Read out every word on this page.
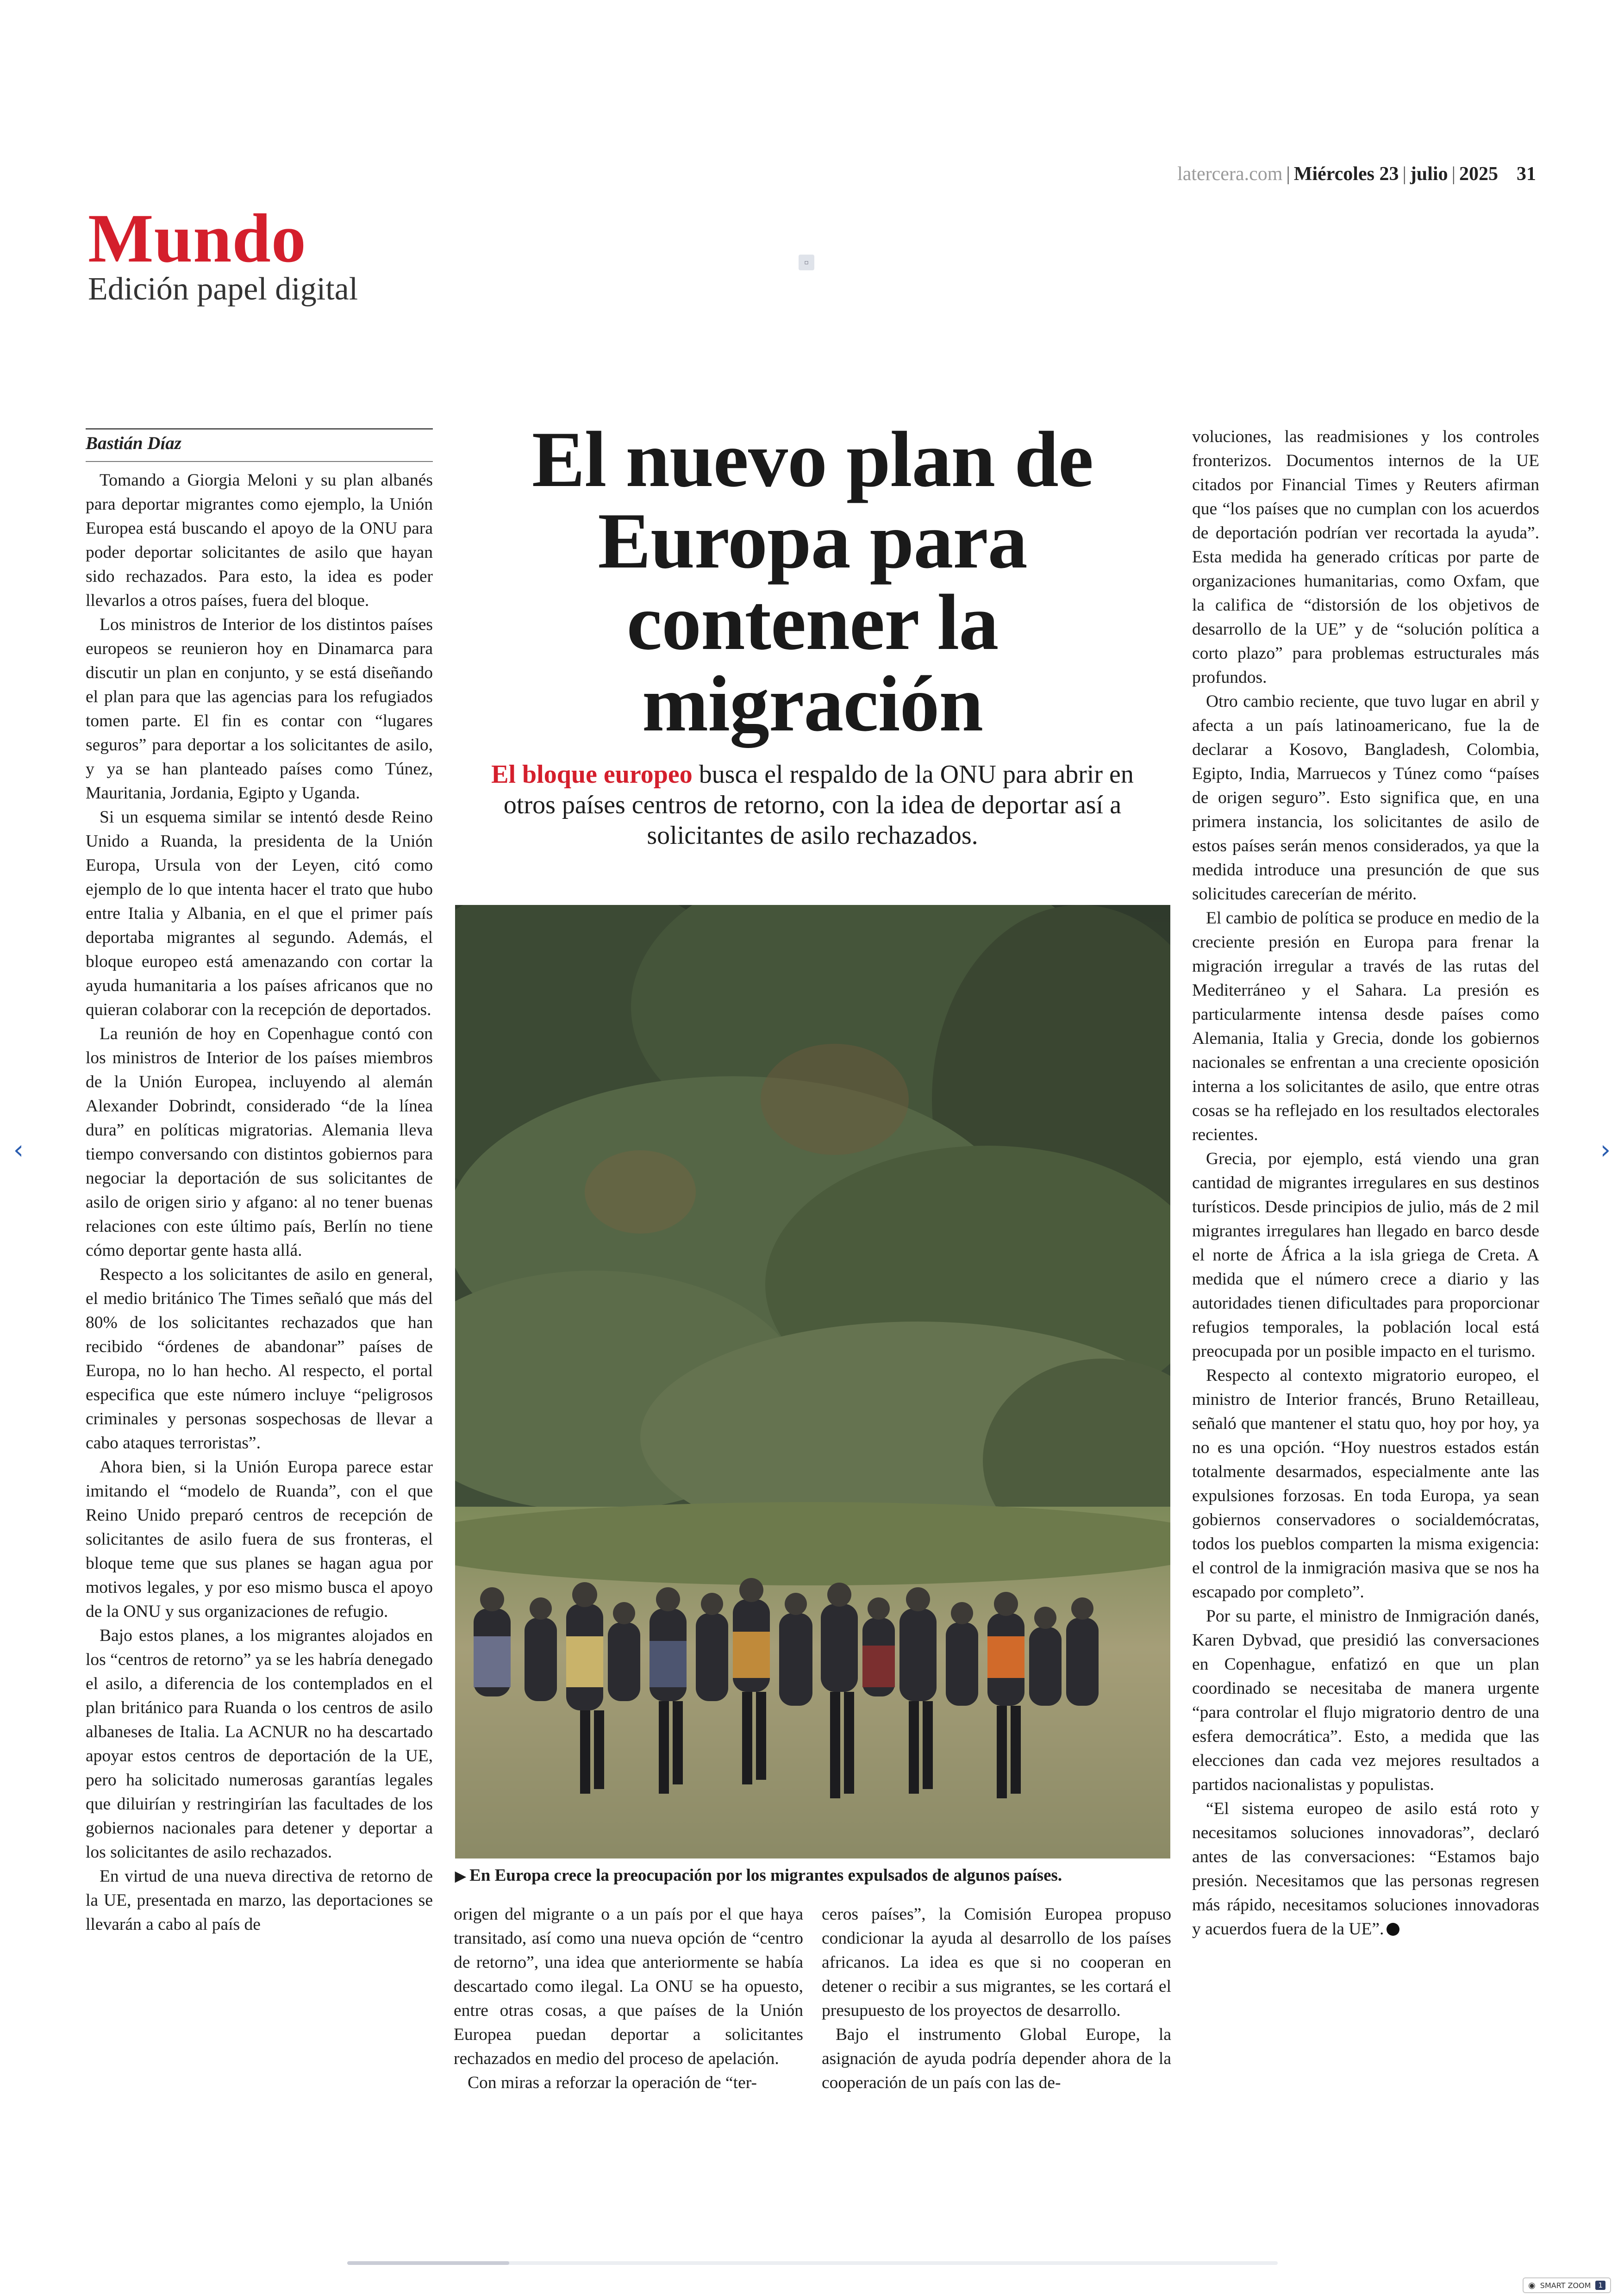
latercera.com | Miércoles 23 | julio | 2025 31
Mundo
Edición papel digital
▫
Bastián Díaz

Tomando a Giorgia Meloni y su plan albanés para deportar migrantes como ejemplo, la Unión Europea está buscando el apoyo de la ONU para poder deportar solicitantes de asilo que hayan sido rechazados. Para esto, la idea es poder llevarlos a otros países, fuera del bloque.

Los ministros de Interior de los distintos países europeos se reunieron hoy en Dinamarca para discutir un plan en conjunto, y se está diseñando el plan para que las agencias para los refugiados tomen parte. El fin es contar con “lugares seguros” para deportar a los solicitantes de asilo, y ya se han planteado países como Túnez, Mauritania, Jordania, Egipto y Uganda.

Si un esquema similar se intentó desde Reino Unido a Ruanda, la presidenta de la Unión Europa, Ursula von der Leyen, citó como ejemplo de lo que intenta hacer el trato que hubo entre Italia y Albania, en el que el primer país deportaba migrantes al segundo. Además, el bloque europeo está amenazando con cortar la ayuda humanitaria a los países africanos que no quieran colaborar con la recepción de deportados.

La reunión de hoy en Copenhague contó con los ministros de Interior de los países miembros de la Unión Europea, incluyendo al alemán Alexander Dobrindt, considerado “de la línea dura” en políticas migratorias. Alemania lleva tiempo conversando con distintos gobiernos para negociar la deportación de sus solicitantes de asilo de origen sirio y afgano: al no tener buenas relaciones con este último país, Berlín no tiene cómo deportar gente hasta allá.

Respecto a los solicitantes de asilo en general, el medio británico The Times señaló que más del 80% de los solicitantes rechazados que han recibido “órdenes de abandonar” países de Europa, no lo han hecho. Al respecto, el portal especifica que este número incluye “peligrosos criminales y personas sospechosas de llevar a cabo ataques terroristas”.

Ahora bien, si la Unión Europa parece estar imitando el “modelo de Ruanda”, con el que Reino Unido preparó centros de recepción de solicitantes de asilo fuera de sus fronteras, el bloque teme que sus planes se hagan agua por motivos legales, y por eso mismo busca el apoyo de la ONU y sus organizaciones de refugio.

Bajo estos planes, a los migrantes alojados en los “centros de retorno” ya se les habría denegado el asilo, a diferencia de los contemplados en el plan británico para Ruanda o los centros de asilo albaneses de Italia. La ACNUR no ha descartado apoyar estos centros de deportación de la UE, pero ha solicitado numerosas garantías legales que diluirían y restringirían las facultades de los gobiernos nacionales para detener y deportar a los solicitantes de asilo rechazados.

En virtud de una nueva directiva de retorno de la UE, presentada en marzo, las deportaciones se llevarán a cabo al país de

El nuevo plan de Europa para contener la migración
El bloque europeo busca el respaldo de la ONU para abrir en otros países centros de retorno, con la idea de deportar así a solicitantes de asilo rechazados.
▶ En Europa crece la preocupación por los migrantes expulsados de algunos países.

origen del migrante o a un país por el que haya transitado, así como una nueva opción de “centro de retorno”, una idea que anteriormente se había descartado como ilegal. La ONU se ha opuesto, entre otras cosas, a que países de la Unión Europea puedan deportar a solicitantes rechazados en medio del proceso de apelación.

Con miras a reforzar la operación de “ter-

ceros países”, la Comisión Europea propuso condicionar la ayuda al desarrollo de los países africanos. La idea es que si no cooperan en detener o recibir a sus migrantes, se les cortará el presupuesto de los proyectos de desarrollo.

Bajo el instrumento Global Europe, la asignación de ayuda podría depender ahora de la cooperación de un país con las de-

voluciones, las readmisiones y los controles fronterizos. Documentos internos de la UE citados por Financial Times y Reuters afirman que “los países que no cumplan con los acuerdos de deportación podrían ver recortada la ayuda”. Esta medida ha generado críticas por parte de organizaciones humanitarias, como Oxfam, que la califica de “distorsión de los objetivos de desarrollo de la UE” y de “solución política a corto plazo” para problemas estructurales más profundos.

Otro cambio reciente, que tuvo lugar en abril y afecta a un país latinoamericano, fue la de declarar a Kosovo, Bangladesh, Colombia, Egipto, India, Marruecos y Túnez como “países de origen seguro”. Esto significa que, en una primera instancia, los solicitantes de asilo de estos países serán menos considerados, ya que la medida introduce una presunción de que sus solicitudes carecerían de mérito.

El cambio de política se produce en medio de la creciente presión en Europa para frenar la migración irregular a través de las rutas del Mediterráneo y el Sahara. La presión es particularmente intensa desde países como Alemania, Italia y Grecia, donde los gobiernos nacionales se enfrentan a una creciente oposición interna a los solicitantes de asilo, que entre otras cosas se ha reflejado en los resultados electorales recientes.

Grecia, por ejemplo, está viendo una gran cantidad de migrantes irregulares en sus destinos turísticos. Desde principios de julio, más de 2 mil migrantes irregulares han llegado en barco desde el norte de África a la isla griega de Creta. A medida que el número crece a diario y las autoridades tienen dificultades para proporcionar refugios temporales, la población local está preocupada por un posible impacto en el turismo.

Respecto al contexto migratorio europeo, el ministro de Interior francés, Bruno Retailleau, señaló que mantener el statu quo, hoy por hoy, ya no es una opción. “Hoy nuestros estados están totalmente desarmados, especialmente ante las expulsiones forzosas. En toda Europa, ya sean gobiernos conservadores o socialdemócratas, todos los pueblos comparten la misma exigencia: el control de la inmigración masiva que se nos ha escapado por completo”.

Por su parte, el ministro de Inmigración danés, Karen Dybvad, que presidió las conversaciones en Copenhague, enfatizó en que un plan coordinado se necesitaba de manera urgente “para controlar el flujo migratorio dentro de una esfera democrática”. Esto, a medida que las elecciones dan cada vez mejores resultados a partidos nacionalistas y populistas.

“El sistema europeo de asilo está roto y necesitamos soluciones innovadoras”, declaró antes de las conversaciones: “Estamos bajo presión. Necesitamos que las personas regresen más rápido, necesitamos soluciones innovadoras y acuerdos fuera de la UE”.

‹	›
◉ SMART ZOOM	1
